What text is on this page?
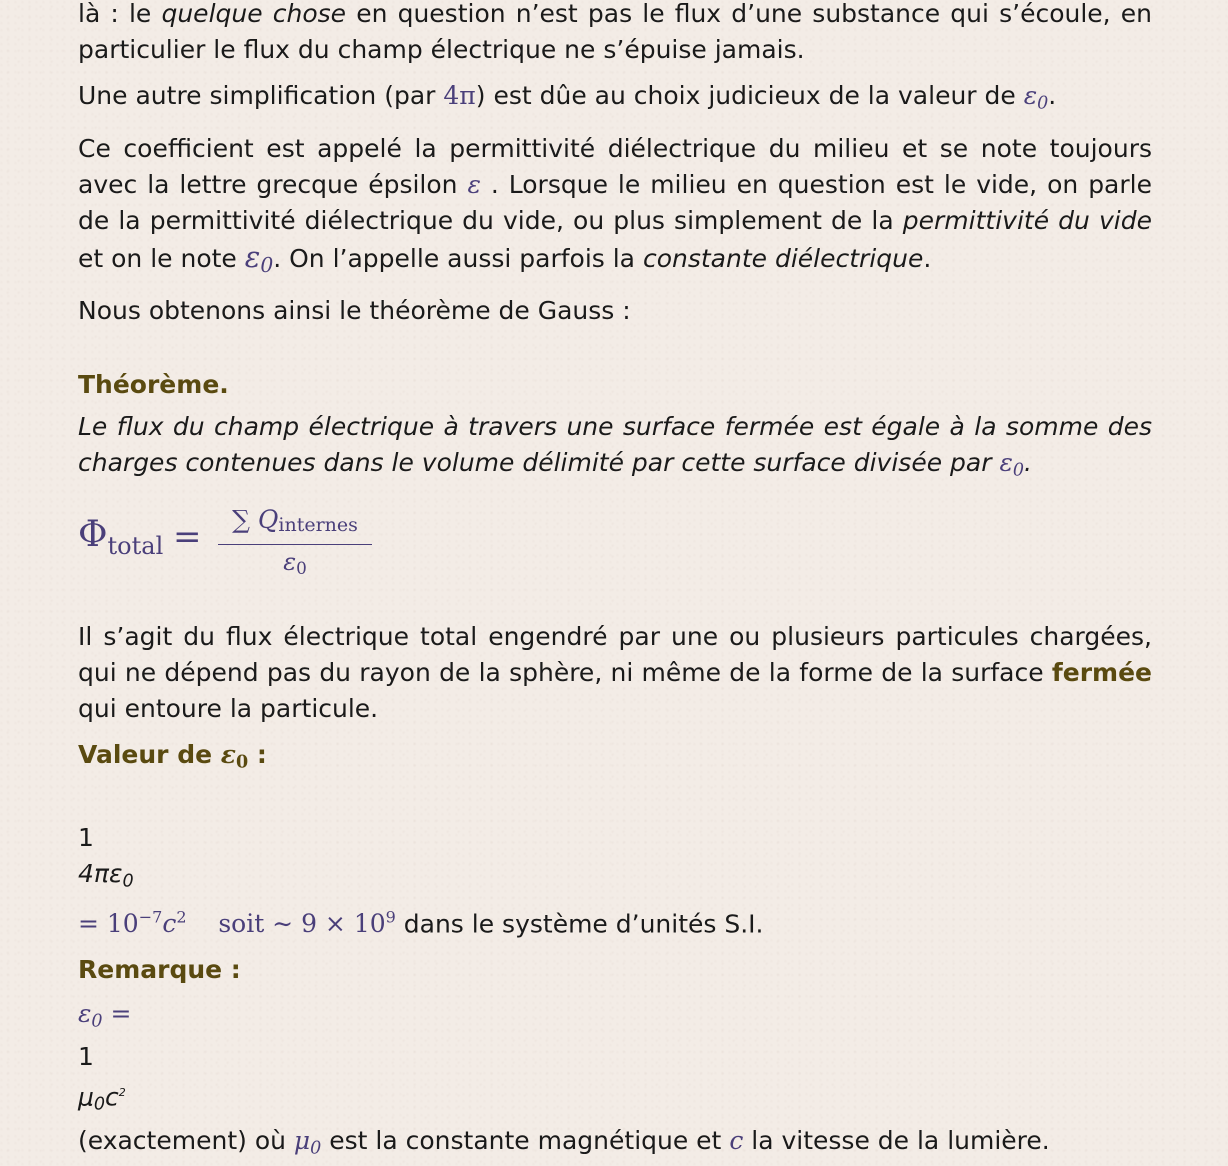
là : le quelque chose en question n’est pas le flux d’une substance qui s’écoule, en particulier le flux du champ électrique ne s’épuise jamais.

Une autre simplification (par 4π) est dûe au choix judicieux de la valeur de ε0.

Ce coefficient est appelé la permittivité diélectrique du milieu et se note toujours avec la lettre grecque épsilon ε . Lorsque le milieu en question est le vide, on parle de la permittivité diélectrique du vide, ou plus simplement de la permittivité du vide et on le note ε0. On l’appelle aussi parfois la constante diélectrique.

Nous obtenons ainsi le théorème de Gauss :

Théorème.

Le flux du champ électrique à travers une surface fermée est égale à la somme des charges contenues dans le volume délimité par cette surface divisée par ε0.

$\Phi_{total}$ =	∑ $Q_{internes}$
ε0

Il s’agit du flux électrique total engendré par une ou plusieurs particules chargées, qui ne dépend pas du rayon de la sphère, ni même de la forme de la surface fermée qui entoure la particule.

Valeur de ε0 :

1
4πε0
= $10^{-7}c^2$ soit ∼ $9 \times 10^9$ dans le système d’unités S.I.

Remarque :

ε0 =

1
$\mu 0c^2$
(exactement) où μ0 est la constante magnétique et c la vitesse de la lumière.
